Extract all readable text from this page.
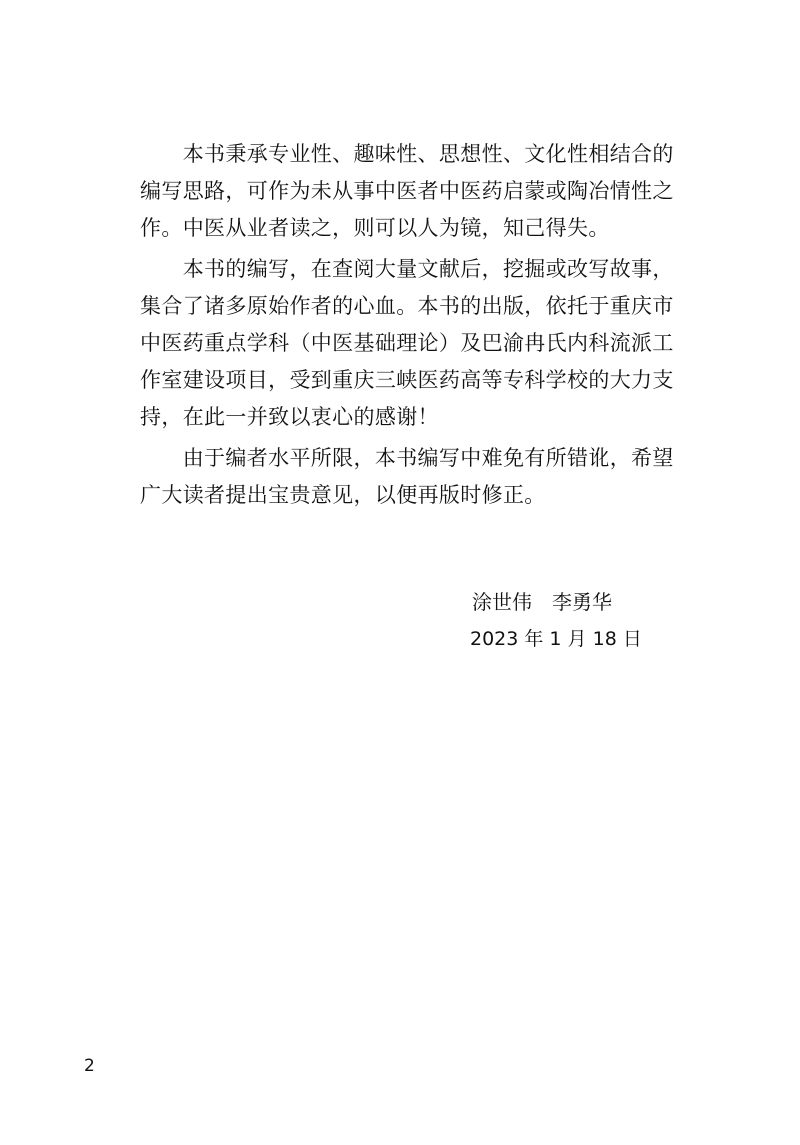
　　本书秉承专业性、趣味性、思想性、文化性相结合的
编写思路，可作为未从事中医者中医药启蒙或陶冶情性之
作。中医从业者读之，则可以人为镜，知己得失。
　　本书的编写，在查阅大量文献后，挖掘或改写故事，
集合了诸多原始作者的心血。本书的出版，依托于重庆市
中医药重点学科（中医基础理论）及巴渝冉氏内科流派工
作室建设项目，受到重庆三峡医药高等专科学校的大力支
持，在此一并致以衷心的感谢！
　　由于编者水平所限，本书编写中难免有所错讹，希望
广大读者提出宝贵意见，以便再版时修正。
涂世伟　李勇华
2023 年 1 月 18 日
2
